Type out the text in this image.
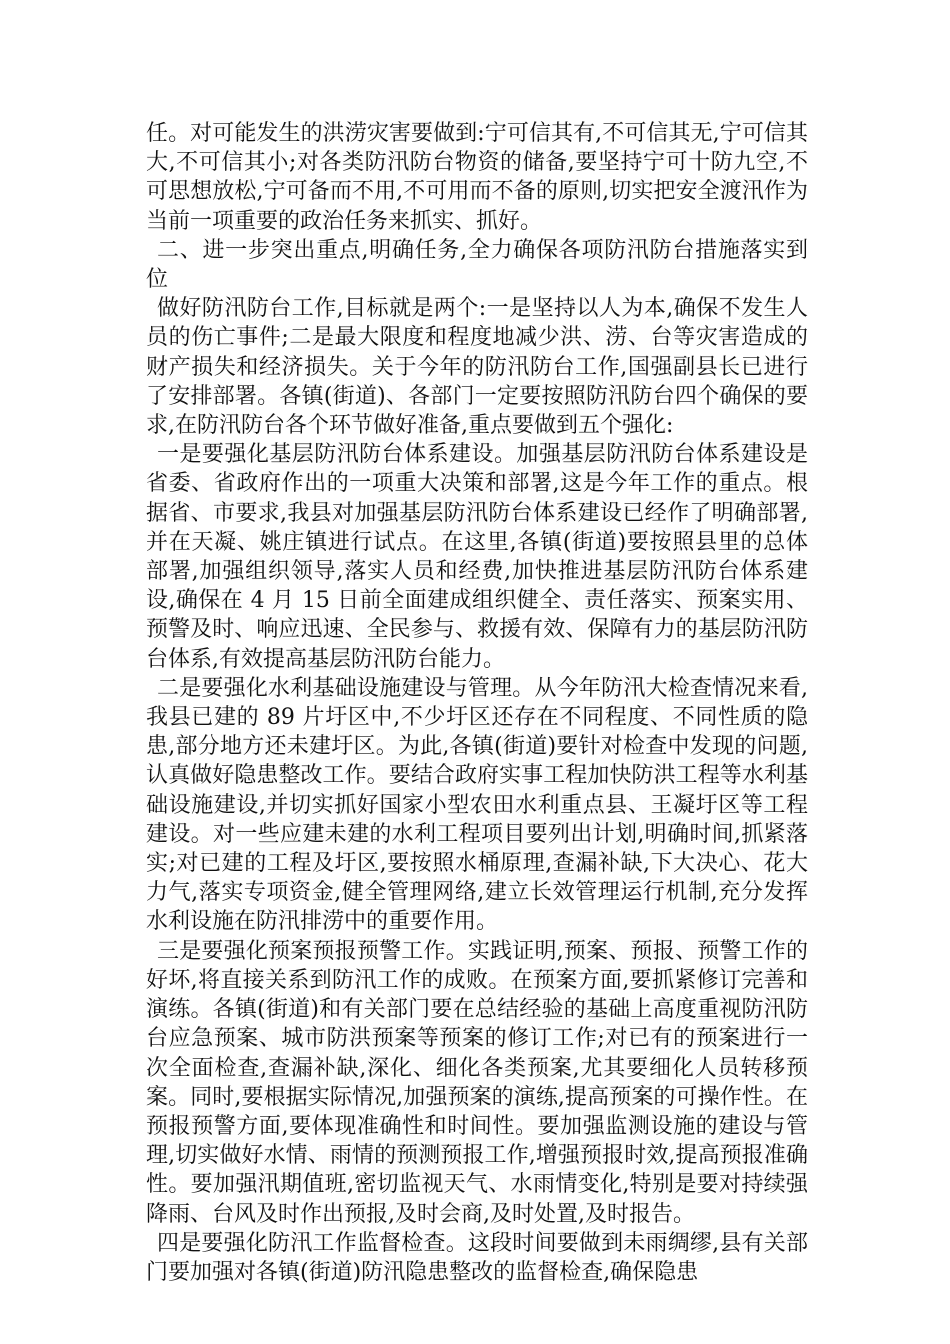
任。对可能发生的洪涝灾害要做到:宁可信其有,不可信其无,宁可信其大,不可信其小;对各类防汛防台物资的储备,要坚持宁可十防九空,不可思想放松,宁可备而不用,不可用而不备的原则,切实把安全渡汛作为当前一项重要的政治任务来抓实、抓好。

二、进一步突出重点,明确任务,全力确保各项防汛防台措施落实到位

做好防汛防台工作,目标就是两个:一是坚持以人为本,确保不发生人员的伤亡事件;二是最大限度和程度地减少洪、涝、台等灾害造成的财产损失和经济损失。关于今年的防汛防台工作,国强副县长已进行了安排部署。各镇(街道)、各部门一定要按照防汛防台四个确保的要求,在防汛防台各个环节做好准备,重点要做到五个强化:

一是要强化基层防汛防台体系建设。加强基层防汛防台体系建设是省委、省政府作出的一项重大决策和部署,这是今年工作的重点。根据省、市要求,我县对加强基层防汛防台体系建设已经作了明确部署,并在天凝、姚庄镇进行试点。在这里,各镇(街道)要按照县里的总体部署,加强组织领导,落实人员和经费,加快推进基层防汛防台体系建设,确保在 4 月 15 日前全面建成组织健全、责任落实、预案实用、预警及时、响应迅速、全民参与、救援有效、保障有力的基层防汛防台体系,有效提高基层防汛防台能力。

二是要强化水利基础设施建设与管理。从今年防汛大检查情况来看,我县已建的 89 片圩区中,不少圩区还存在不同程度、不同性质的隐患,部分地方还未建圩区。为此,各镇(街道)要针对检查中发现的问题,认真做好隐患整改工作。要结合政府实事工程加快防洪工程等水利基础设施建设,并切实抓好国家小型农田水利重点县、王凝圩区等工程建设。对一些应建未建的水利工程项目要列出计划,明确时间,抓紧落实;对已建的工程及圩区,要按照水桶原理,查漏补缺,下大决心、花大力气,落实专项资金,健全管理网络,建立长效管理运行机制,充分发挥水利设施在防汛排涝中的重要作用。

三是要强化预案预报预警工作。实践证明,预案、预报、预警工作的好坏,将直接关系到防汛工作的成败。在预案方面,要抓紧修订完善和演练。各镇(街道)和有关部门要在总结经验的基础上高度重视防汛防台应急预案、城市防洪预案等预案的修订工作;对已有的预案进行一次全面检查,查漏补缺,深化、细化各类预案,尤其要细化人员转移预案。同时,要根据实际情况,加强预案的演练,提高预案的可操作性。在预报预警方面,要体现准确性和时间性。要加强监测设施的建设与管理,切实做好水情、雨情的预测预报工作,增强预报时效,提高预报准确性。要加强汛期值班,密切监视天气、水雨情变化,特别是要对持续强降雨、台风及时作出预报,及时会商,及时处置,及时报告。

四是要强化防汛工作监督检查。这段时间要做到未雨绸缪,县有关部门要加强对各镇(街道)防汛隐患整改的监督检查,确保隐患
